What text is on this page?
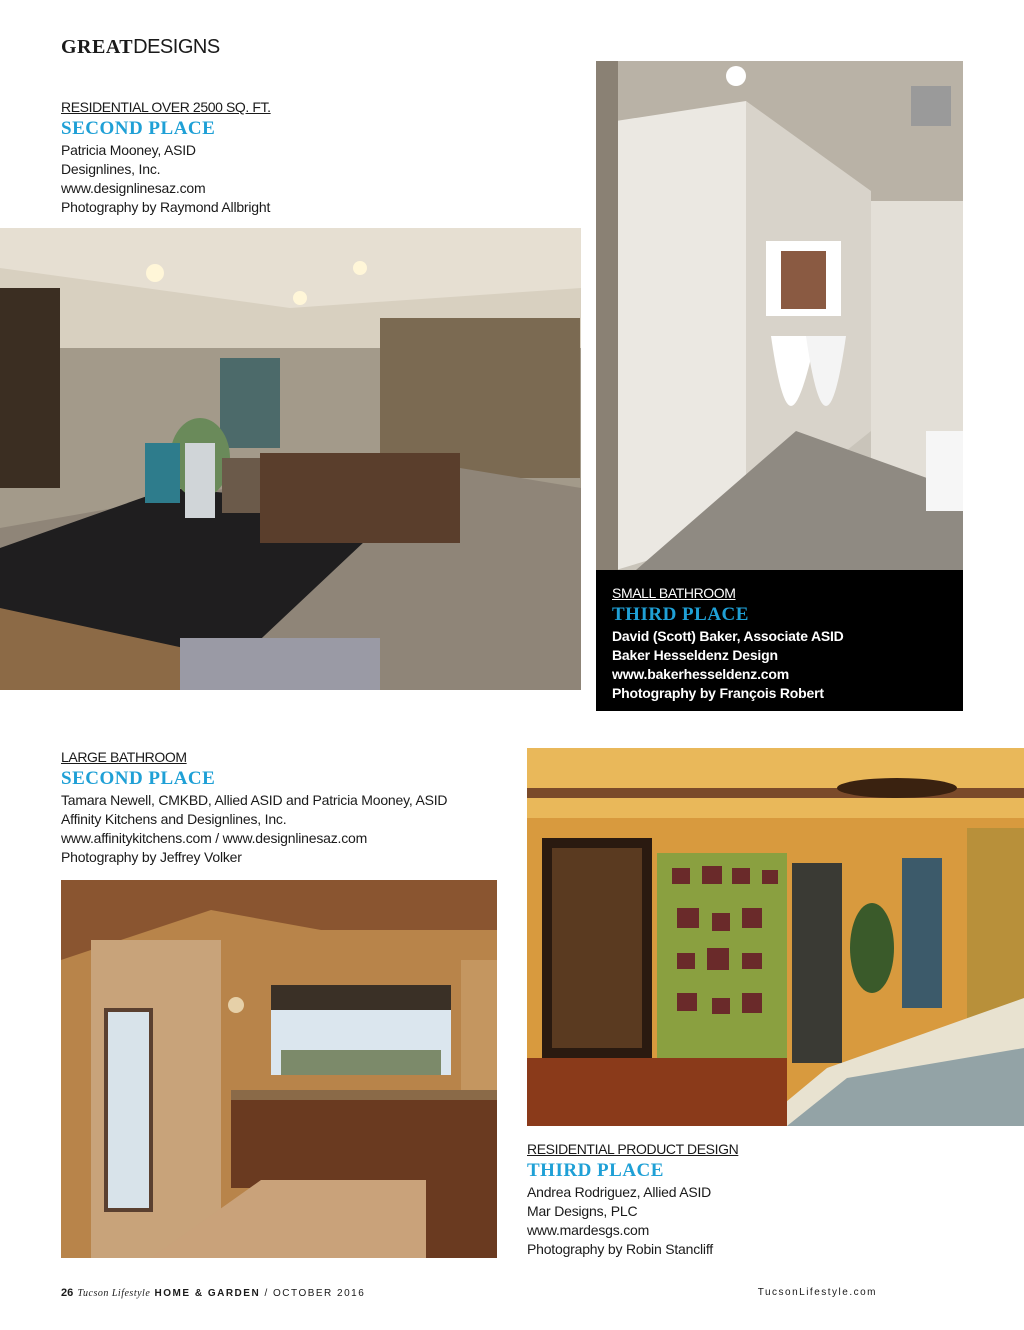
GREATDESIGNS
RESIDENTIAL OVER 2500 SQ. FT.
SECOND PLACE
Patricia Mooney, ASID
Designlines, Inc.
www.designlinesaz.com
Photography by Raymond Allbright
SMALL BATHROOM
THIRD PLACE
David (Scott) Baker, Associate ASID
Baker Hesseldenz Design
www.bakerhesseldenz.com
Photography by François Robert
LARGE BATHROOM
SECOND PLACE
Tamara Newell, CMKBD, Allied ASID and Patricia Mooney, ASID
Affinity Kitchens and Designlines, Inc.
www.affinitykitchens.com / www.designlinesaz.com
Photography by Jeffrey Volker
RESIDENTIAL PRODUCT DESIGN
THIRD PLACE
Andrea Rodriguez, Allied ASID
Mar Designs, PLC
www.mardesgs.com
Photography by Robin Stancliff
26 Tucson Lifestyle HOME & GARDEN / OCTOBER 2016	TucsonLifestyle.com
